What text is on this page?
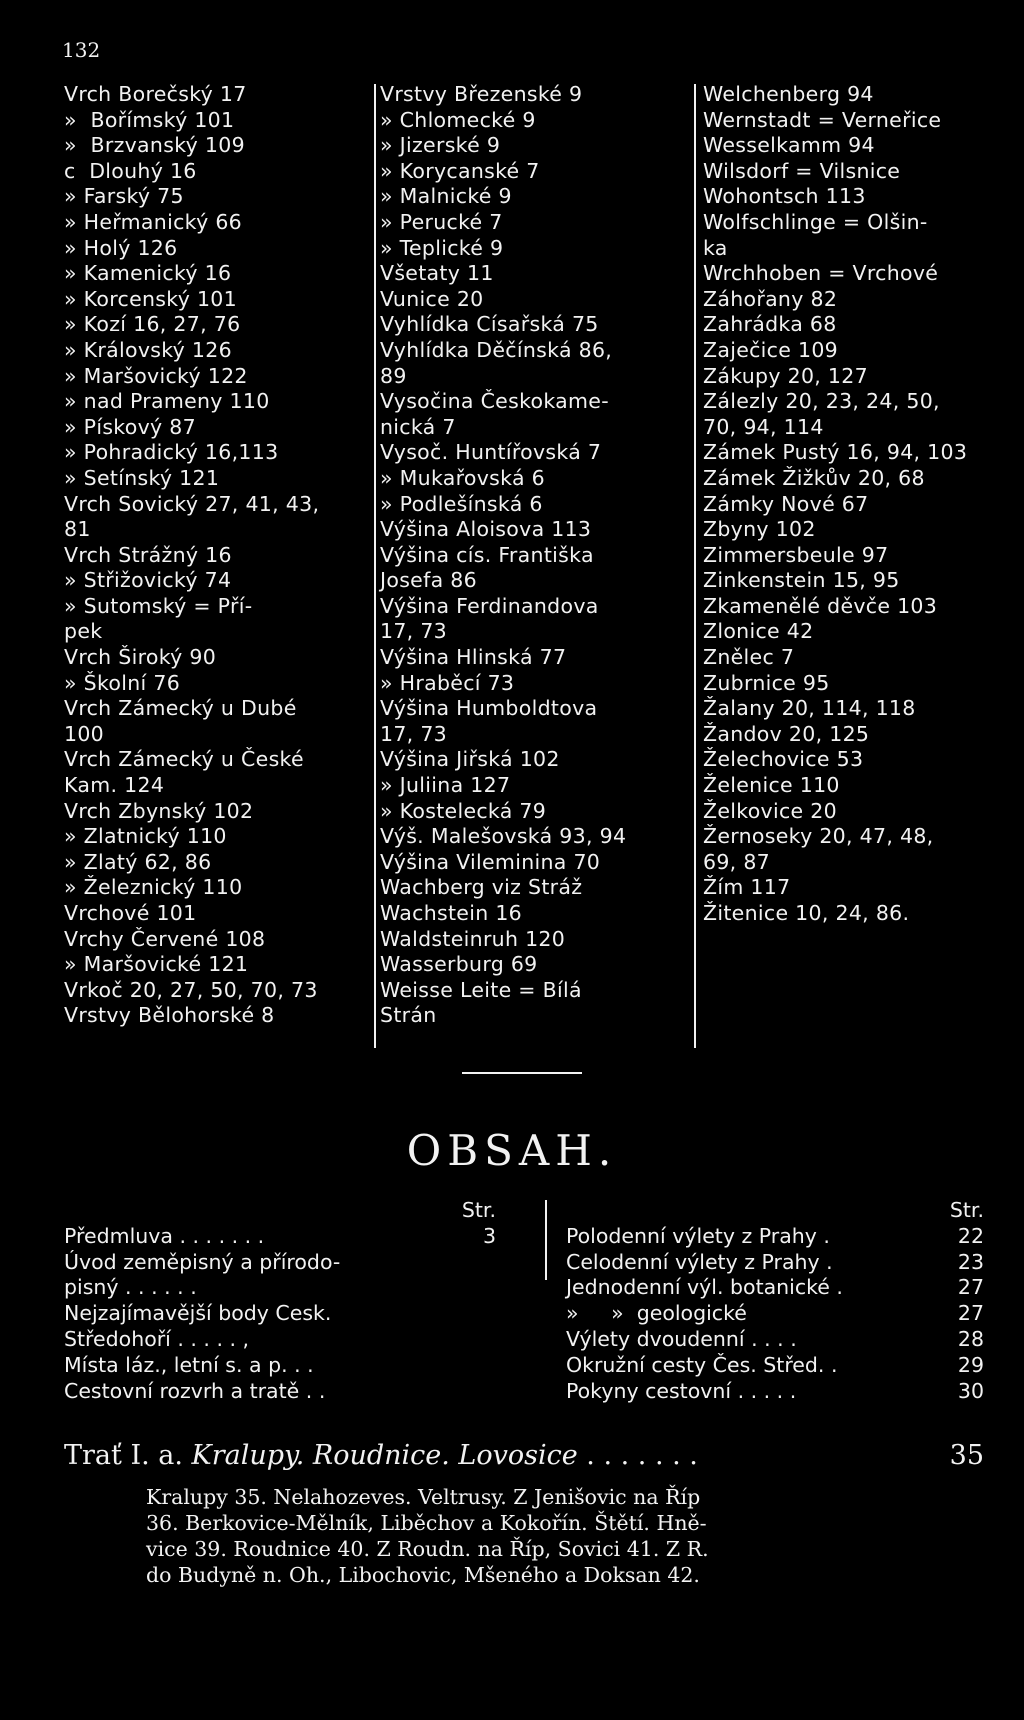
132
Vrch Borečský 17
»  Bořímský 101
»  Brzvanský 109
c  Dlouhý 16
» Farský 75
» Heřmanický 66
» Holý 126
» Kamenický 16
» Korcenský 101
» Kozí 16, 27, 76
» Královský 126
» Maršovický 122
» nad Prameny 110
» Pískový 87
» Pohradický 16,113
» Setínský 121
Vrch Sovický 27, 41, 43,
81
Vrch Strážný 16
» Střižovický 74
» Sutomský = Pří-
pek
Vrch Široký 90
» Školní 76
Vrch Zámecký u Dubé
100
Vrch Zámecký u České
Kam. 124
Vrch Zbynský 102
» Zlatnický 110
» Zlatý 62, 86
» Železnický 110
Vrchové 101
Vrchy Červené 108
» Maršovické 121
Vrkoč 20, 27, 50, 70, 73
Vrstvy Bělohorské 8
Vrstvy Březenské 9
» Chlomecké 9
» Jizerské 9
» Korycanské 7
» Malnické 9
» Perucké 7
» Teplické 9
Všetaty 11
Vunice 20
Vyhlídka Císařská 75
Vyhlídka Děčínská 86,
89
Vysočina Českokame-
nická 7
Vysoč. Huntířovská 7
» Mukařovská 6
» Podlešínská 6
Výšina Aloisova 113
Výšina cís. Františka
Josefa 86
Výšina Ferdinandova
17, 73
Výšina Hlinská 77
» Hraběcí 73
Výšina Humboldtova
17, 73
Výšina Jiřská 102
» Juliina 127
» Kostelecká 79
Výš. Malešovská 93, 94
Výšina Vileminina 70
Wachberg viz Stráž
Wachstein 16
Waldsteinruh 120
Wasserburg 69
Weisse Leite = Bílá
Strán
Welchenberg 94
Wernstadt = Verneřice
Wesselkamm 94
Wilsdorf = Vilsnice
Wohontsch 113
Wolfschlinge = Olšin-
ka
Wrchhoben = Vrchové
Záhořany 82
Zahrádka 68
Zaječice 109
Zákupy 20, 127
Zálezly 20, 23, 24, 50,
70, 94, 114
Zámek Pustý 16, 94, 103
Zámek Žižkův 20, 68
Zámky Nové 67
Zbyny 102
Zimmersbeule 97
Zinkenstein 15, 95
Zkamenělé děvče 103
Zlonice 42
Znělec 7
Zubrnice 95
Žalany 20, 114, 118
Žandov 20, 125
Želechovice 53
Želenice 110
Želkovice 20
Žernoseky 20, 47, 48,
69, 87
Žím 117
Žitenice 10, 24, 86.
OBSAH.
Str.
Předmluva . . . . . . .	3
Úvod zeměpisný a přírodo-
pisný . . . . . .
Nejzajímavější body Cesk.
Středohoří . . . . . ,
Místa láz., letní s. a p. . .
Cestovní rozvrh a tratě . .
Str.
Polodenní výlety z Prahy .	22
Celodenní výlety z Prahy .	23
Jednodenní výl. botanické .	27
»     »  geologické	27
Výlety dvoudenní . . . .	28
Okružní cesty Čes. Střed. .	29
Pokyny cestovní . . . . .	30
Trať I. a. Kralupy. Roudnice. Lovosice . . . . . . .	35
Kralupy 35. Nelahozeves. Veltrusy. Z Jenišovic na Říp
36. Berkovice-Mělník, Liběchov a Kokořín. Štětí. Hně-
vice 39. Roudnice 40. Z Roudn. na Říp, Sovici 41. Z R.
do Budyně n. Oh., Libochovic, Mšeného a Doksan 42.
